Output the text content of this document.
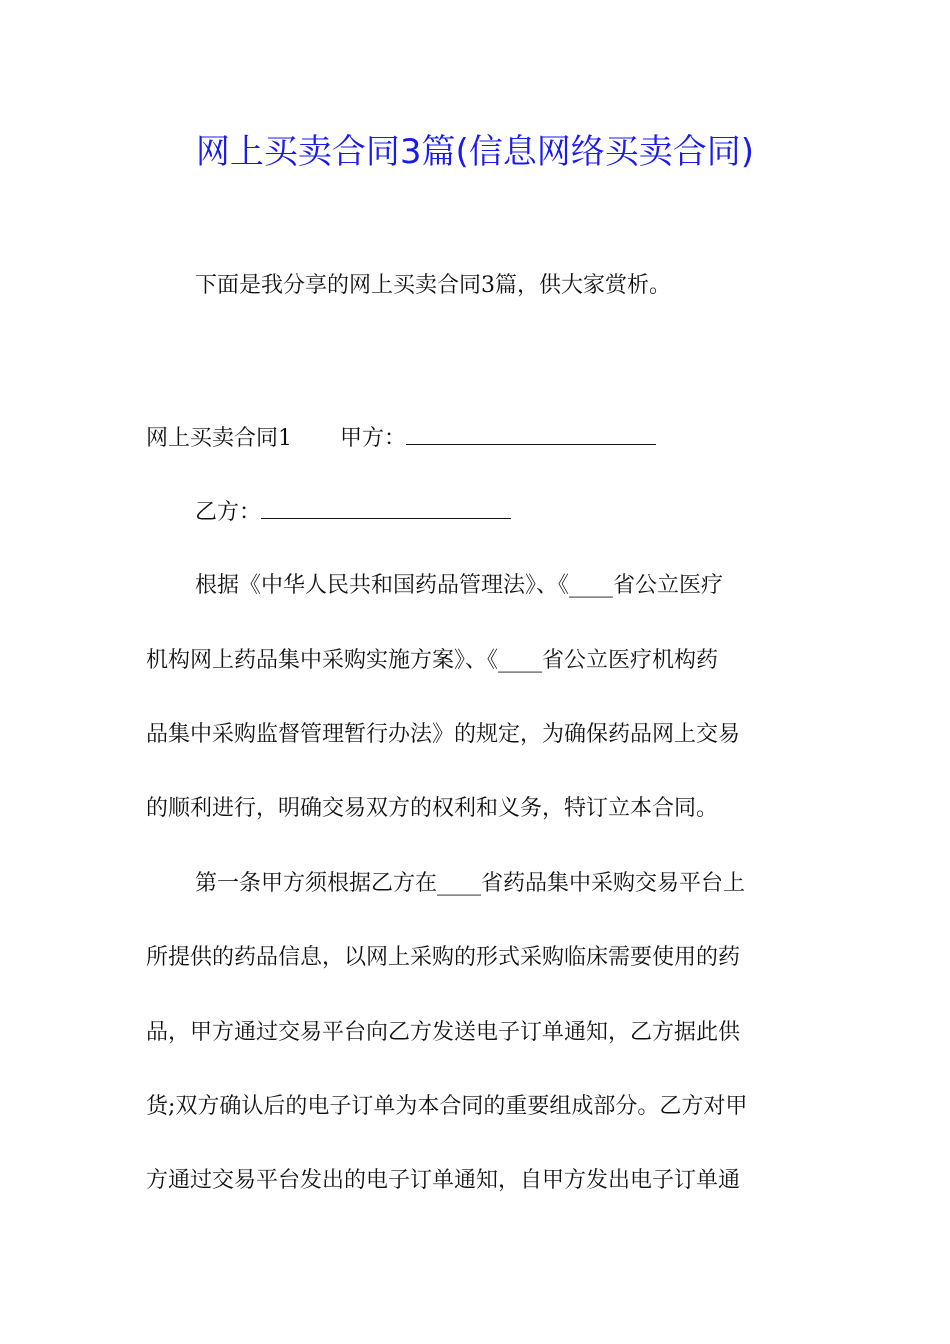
网上买卖合同3篇(信息网络买卖合同)

下面是我分享的网上买卖合同3篇，供大家赏析。

网上买卖合同1 甲方：

乙方：

根据《中华人民共和国药品管理法》、《____省公立医疗

机构网上药品集中采购实施方案》、《____省公立医疗机构药

品集中采购监督管理暂行办法》的规定，为确保药品网上交易

的顺利进行，明确交易双方的权利和义务，特订立本合同。

第一条甲方须根据乙方在____省药品集中采购交易平台上

所提供的药品信息，以网上采购的形式采购临床需要使用的药

品，甲方通过交易平台向乙方发送电子订单通知，乙方据此供

货;双方确认后的电子订单为本合同的重要组成部分。乙方对甲

方通过交易平台发出的电子订单通知，自甲方发出电子订单通
